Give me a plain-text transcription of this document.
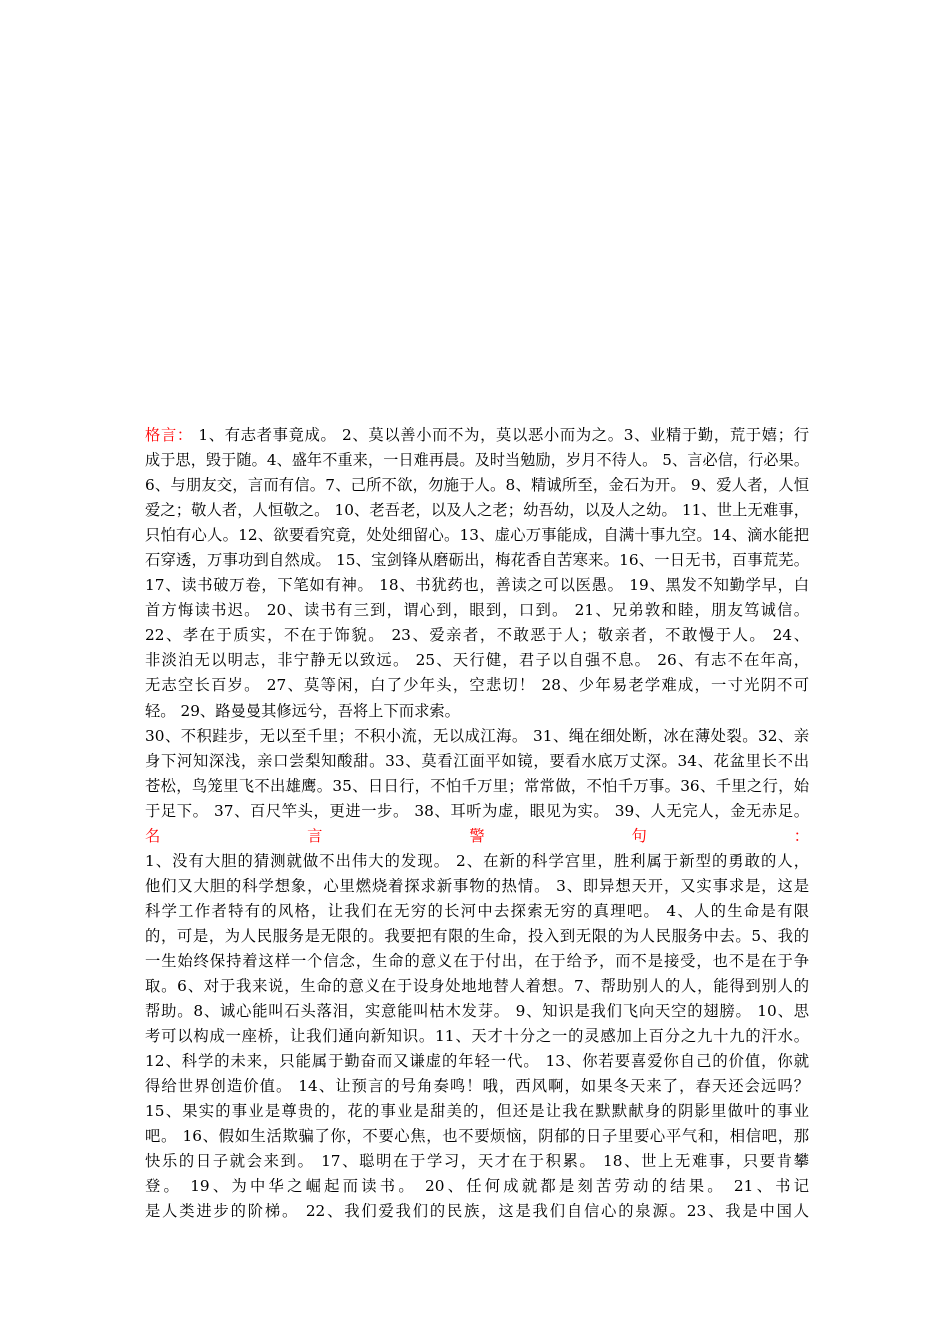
格言： 1、有志者事竟成。 2、莫以善小而不为，莫以恶小而为之。3、业精于勤，荒于嬉；行
成于思，毁于随。4、盛年不重来，一日难再晨。及时当勉励，岁月不待人。 5、言必信，行必果。
6、与朋友交，言而有信。7、己所不欲，勿施于人。8、精诚所至，金石为开。 9、爱人者，人恒
爱之；敬人者，人恒敬之。 10、老吾老，以及人之老；幼吾幼，以及人之幼。 11、世上无难事，
只怕有心人。12、欲要看究竟，处处细留心。13、虚心万事能成，自满十事九空。14、滴水能把
石穿透，万事功到自然成。 15、宝剑锋从磨砺出，梅花香自苦寒来。16、一日无书，百事荒芜。
17、读书破万卷，下笔如有神。 18、书犹药也，善读之可以医愚。 19、黑发不知勤学早，白
首方悔读书迟。 20、读书有三到，谓心到，眼到，口到。 21、兄弟敦和睦，朋友笃诚信。
22、孝在于质实，不在于饰貌。 23、爱亲者，不敢恶于人；敬亲者，不敢慢于人。 24、
非淡泊无以明志，非宁静无以致远。 25、天行健，君子以自强不息。 26、有志不在年高，
无志空长百岁。 27、莫等闲，白了少年头，空悲切！ 28、少年易老学难成，一寸光阴不可
轻。 29、路曼曼其修远兮，吾将上下而求索。
30、不积跬步，无以至千里；不积小流，无以成江海。 31、绳在细处断，冰在薄处裂。32、亲
身下河知深浅，亲口尝梨知酸甜。33、莫看江面平如镜，要看水底万丈深。34、花盆里长不出
苍松，鸟笼里飞不出雄鹰。35、日日行，不怕千万里；常常做，不怕千万事。36、千里之行，始
于足下。 37、百尺竿头，更进一步。 38、耳听为虚，眼见为实。 39、人无完人，金无赤足。
名言警句：
1、没有大胆的猜测就做不出伟大的发现。 2、在新的科学宫里，胜利属于新型的勇敢的人，
他们又大胆的科学想象，心里燃烧着探求新事物的热情。 3、即异想天开，又实事求是，这是
科学工作者特有的风格，让我们在无穷的长河中去探索无穷的真理吧。 4、人的生命是有限
的，可是，为人民服务是无限的。我要把有限的生命，投入到无限的为人民服务中去。5、我的
一生始终保持着这样一个信念，生命的意义在于付出，在于给予，而不是接受，也不是在于争
取。6、对于我来说，生命的意义在于设身处地地替人着想。7、帮助别人的人，能得到别人的
帮助。8、诚心能叫石头落泪，实意能叫枯木发芽。 9、知识是我们飞向天空的翅膀。 10、思
考可以构成一座桥，让我们通向新知识。11、天才十分之一的灵感加上百分之九十九的汗水。
12、科学的未来，只能属于勤奋而又谦虚的年轻一代。 13、你若要喜爱你自己的价值，你就
得给世界创造价值。 14、让预言的号角奏鸣！哦，西风啊，如果冬天来了，春天还会远吗？
15、果实的事业是尊贵的，花的事业是甜美的，但还是让我在默默献身的阴影里做叶的事业
吧。 16、假如生活欺骗了你，不要心焦，也不要烦恼，阴郁的日子里要心平气和，相信吧，那
快乐的日子就会来到。 17、聪明在于学习，天才在于积累。 18、世上无难事，只要肯攀
登。 19、为中华之崛起而读书。 20、任何成就都是刻苦劳动的结果。 21、书记
是人类进步的阶梯。 22、我们爱我们的民族，这是我们自信心的泉源。23、我是中国人
